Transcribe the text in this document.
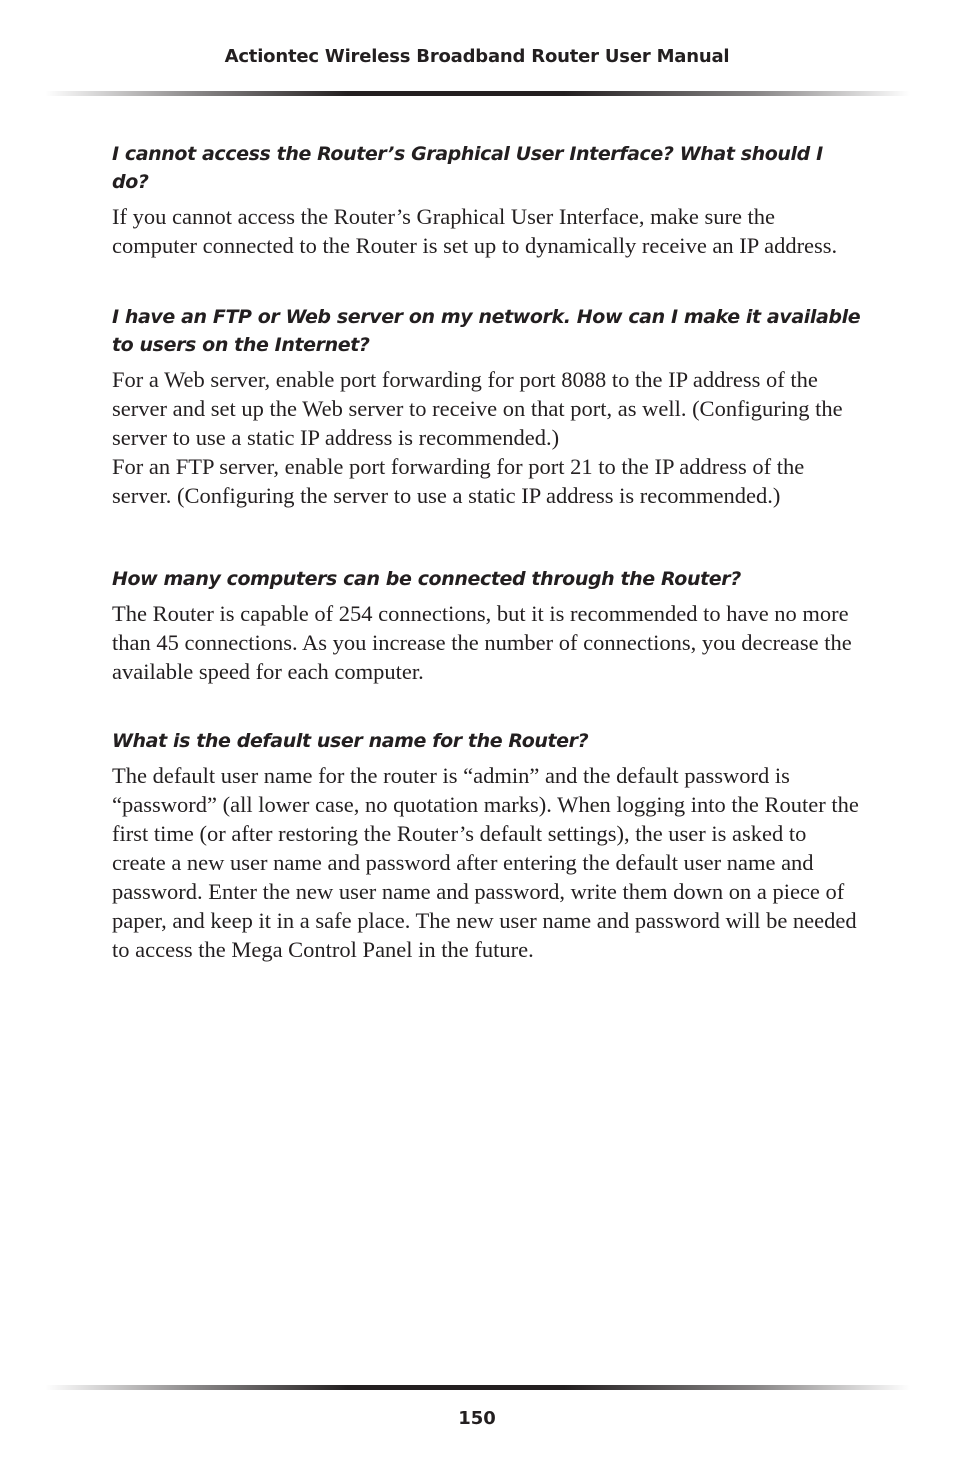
Actiontec Wireless Broadband Router User Manual
I cannot access the Router’s Graphical User Interface? What should I do?

If you cannot access the Router’s Graphical User Interface, make sure the computer connected to the Router is set up to dynamically receive an IP address.

I have an FTP or Web server on my network. How can I make it available to users on the Internet?

For a Web server, enable port forwarding for port 8088 to the IP address of the server and set up the Web server to receive on that port, as well. (Configuring the server to use a static IP address is recommended.)

For an FTP server, enable port forwarding for port 21 to the IP address of the server. (Configuring the server to use a static IP address is recommended.)

How many computers can be connected through the Router?

The Router is capable of 254 connections, but it is recommended to have no more than 45 connections. As you increase the number of connections, you decrease the available speed for each computer.

What is the default user name for the Router?

The default user name for the router is “admin” and the default password is “password” (all lower case, no quotation marks). When logging into the Router the first time (or after restoring the Router’s default settings), the user is asked to create a new user name and password after entering the default user name and password. Enter the new user name and password, write them down on a piece of paper, and keep it in a safe place. The new user name and password will be needed to access the Mega Control Panel in the future.

150
